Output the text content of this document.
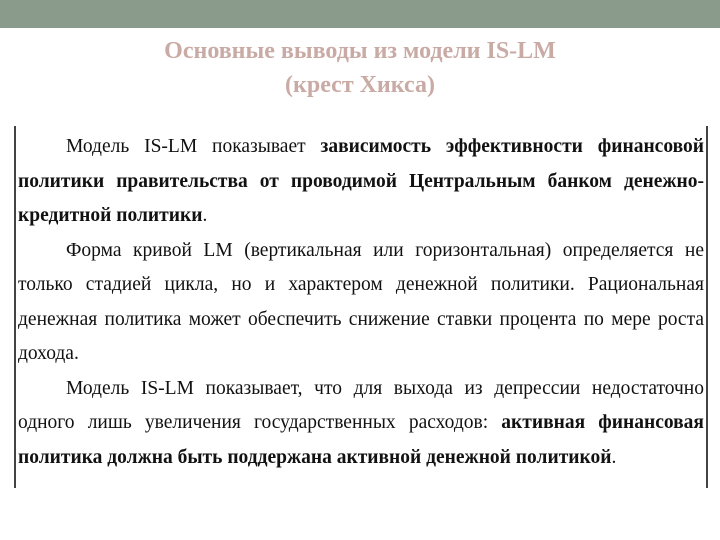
Основные выводы из модели IS-LM
(крест Хикса)

Модель IS-LM показывает зависимость эффективности финансовой политики правительства от проводимой Центральным банком денежно-кредитной политики.

Форма кривой LM (вертикальная или горизонтальная) определяется не только стадией цикла, но и характером денежной политики. Рациональная денежная политика может обеспечить снижение ставки процента по мере роста дохода.

Модель IS-LM показывает, что для выхода из депрессии недостаточно одного лишь увеличения государственных расходов: активная финансовая политика должна быть поддержана активной денежной политикой.
